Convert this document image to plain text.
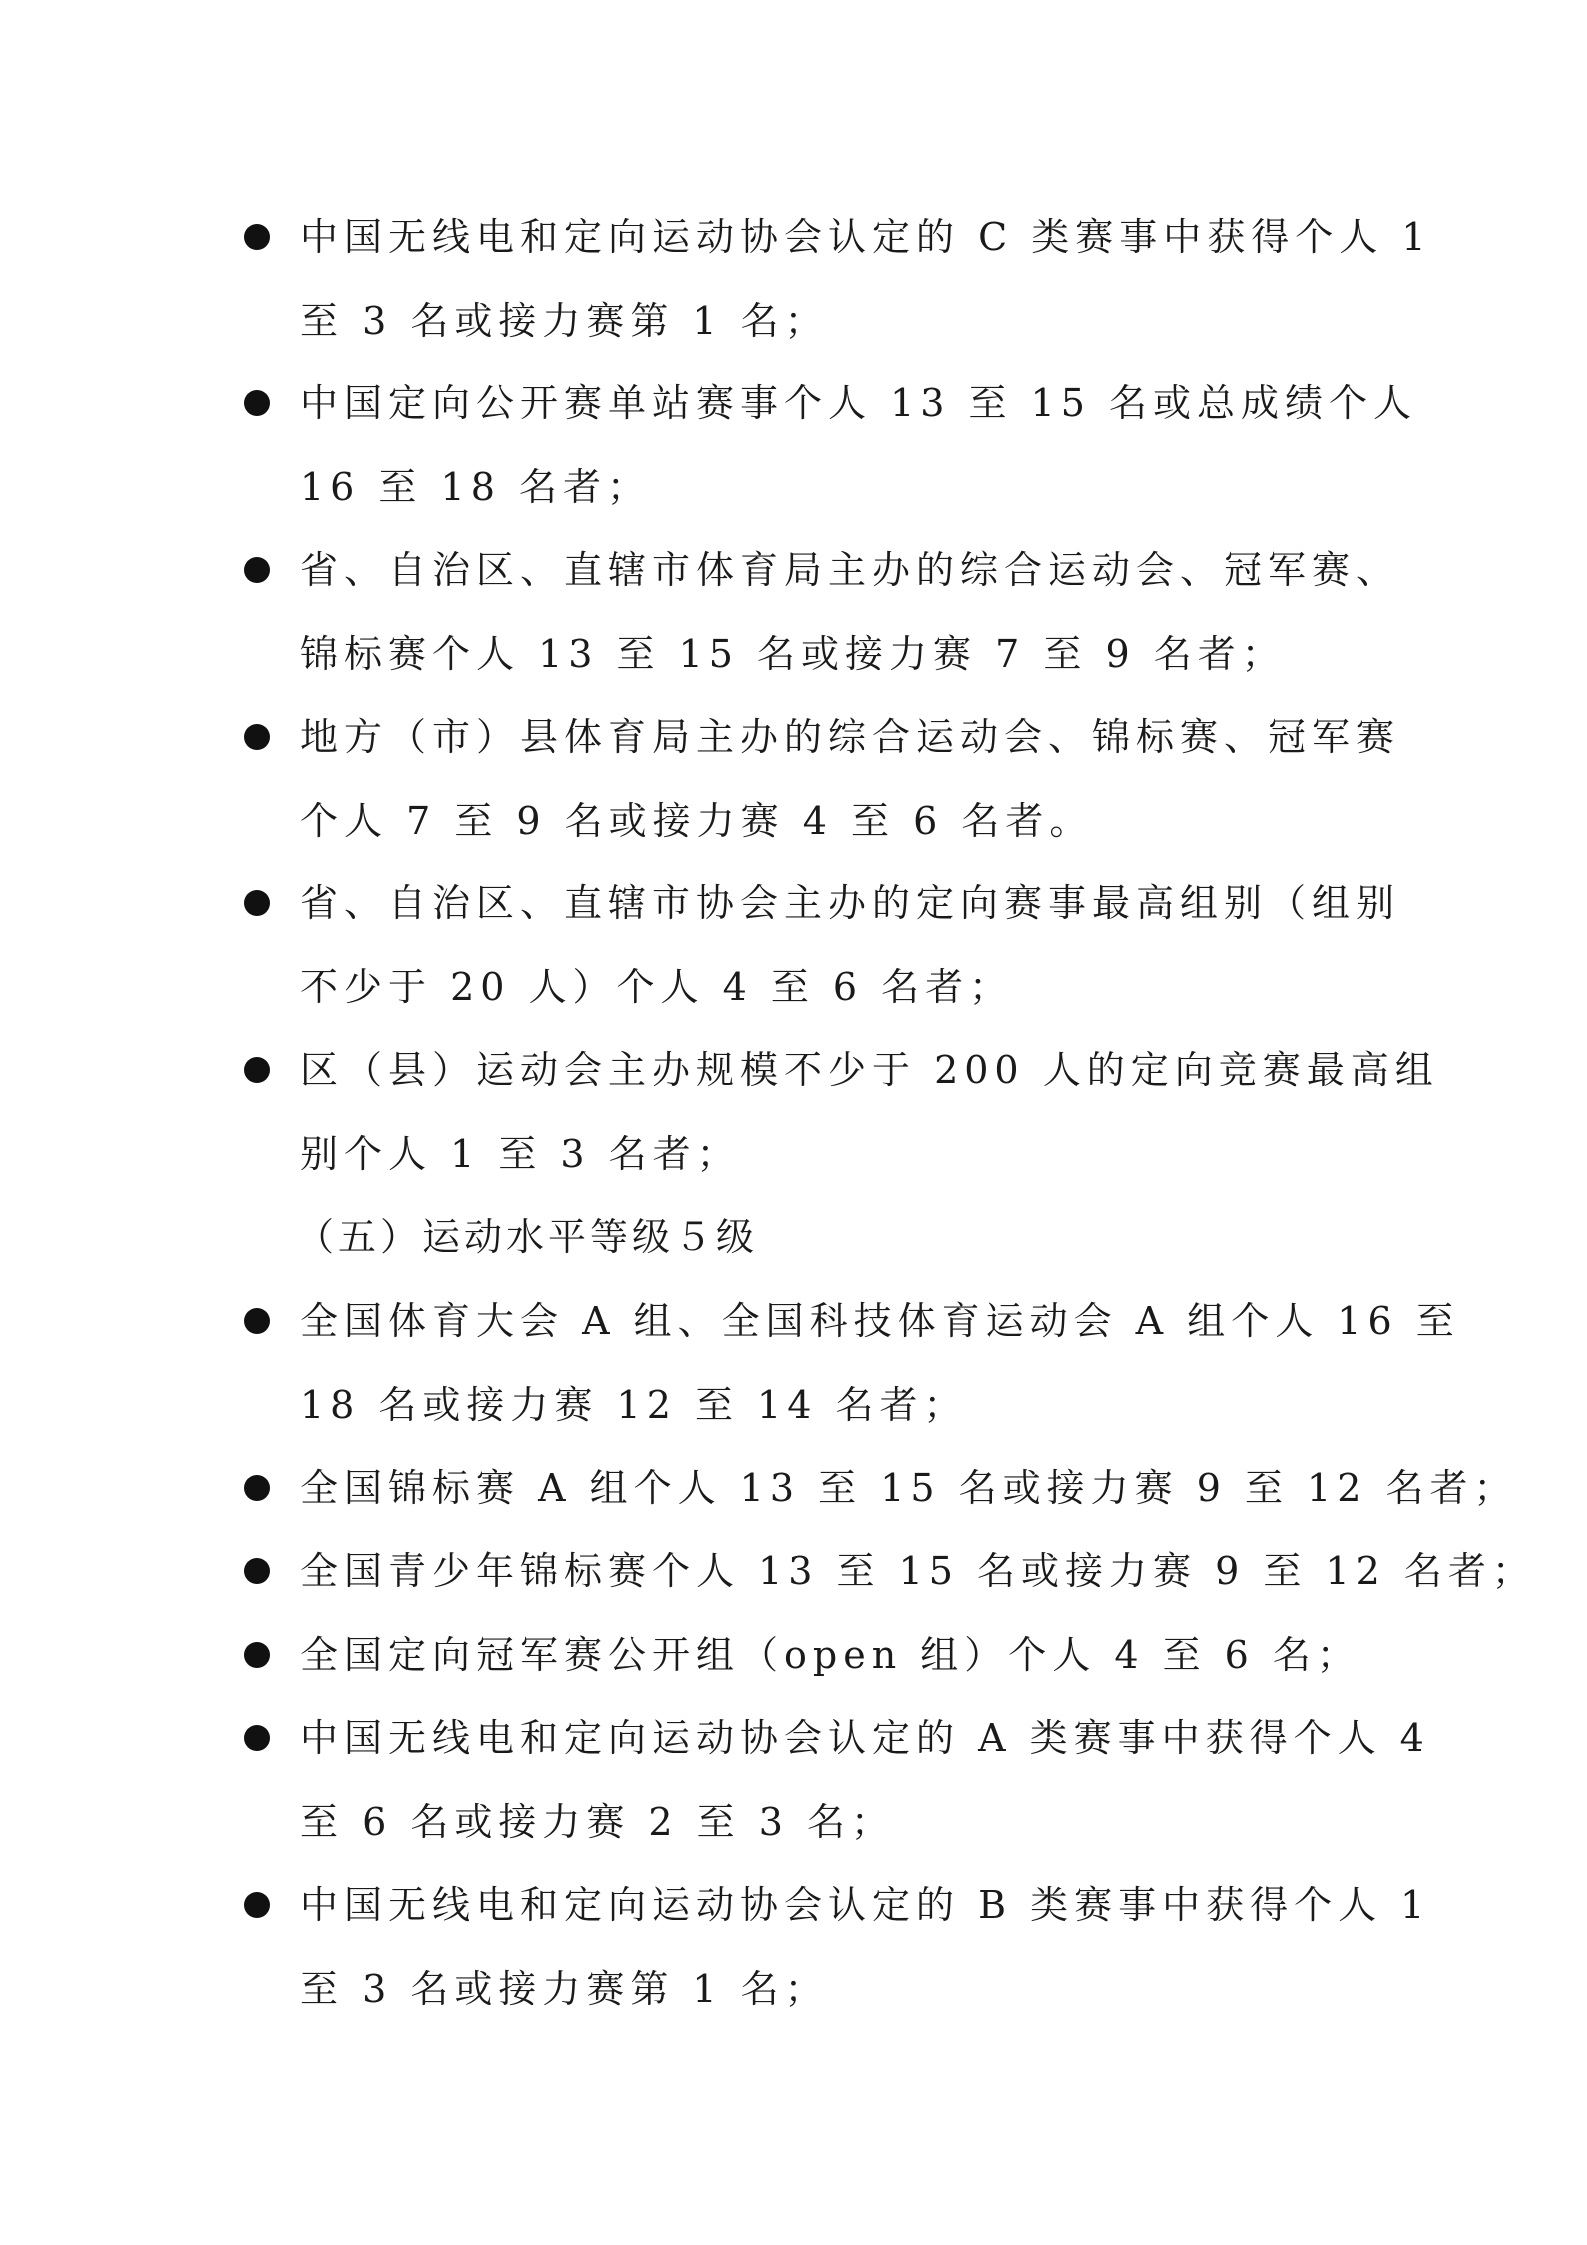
中国无线电和定向运动协会认定的 C 类赛事中获得个人 1
至 3 名或接力赛第 1 名；
中国定向公开赛单站赛事个人 13 至 15 名或总成绩个人
16 至 18 名者；
省、自治区、直辖市体育局主办的综合运动会、冠军赛、
锦标赛个人 13 至 15 名或接力赛 7 至 9 名者；
地方（市）县体育局主办的综合运动会、锦标赛、冠军赛
个人 7 至 9 名或接力赛 4 至 6 名者。
省、自治区、直辖市协会主办的定向赛事最高组别（组别
不少于 20 人）个人 4 至 6 名者；
区（县）运动会主办规模不少于 200 人的定向竞赛最高组
别个人 1 至 3 名者；
（五）运动水平等级５级
全国体育大会 A 组、全国科技体育运动会 A 组个人 16 至
18 名或接力赛 12 至 14 名者；
全国锦标赛 A 组个人 13 至 15 名或接力赛 9 至 12 名者；
全国青少年锦标赛个人 13 至 15 名或接力赛 9 至 12 名者；
全国定向冠军赛公开组（open 组）个人 4 至 6 名；
中国无线电和定向运动协会认定的 A 类赛事中获得个人 4
至 6 名或接力赛 2 至 3 名；
中国无线电和定向运动协会认定的 B 类赛事中获得个人 1
至 3 名或接力赛第 1 名；
